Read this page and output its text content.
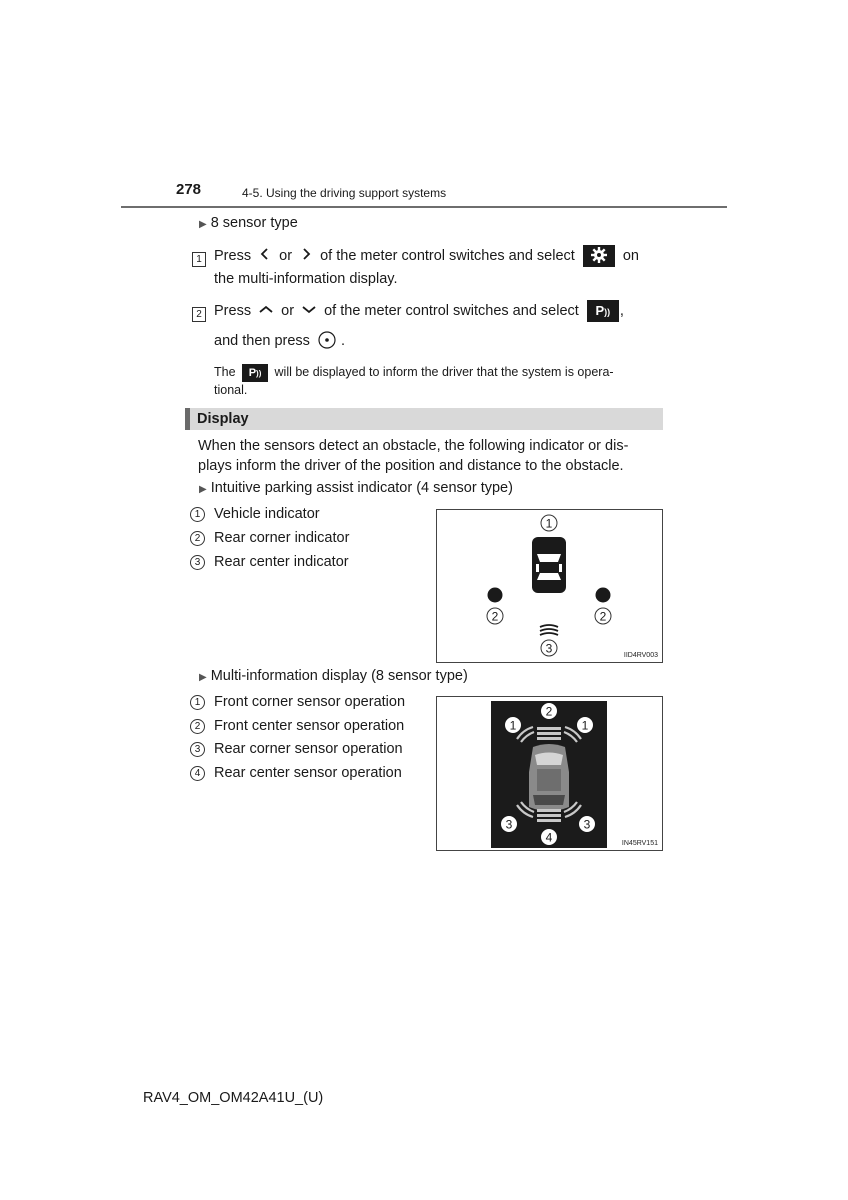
278	4-5. Using the driving support systems
▶ 8 sensor type
1 Press or of the meter control switches and select	on
the multi-information display.
2 Press or of the meter control switches and select P)) ,
and then press .
The P)) will be displayed to inform the driver that the system is opera-
tional.
Display
When the sensors detect an obstacle, the following indicator or dis-
plays inform the driver of the position and distance to the obstacle.
▶ Intuitive parking assist indicator (4 sensor type)
1 Vehicle indicator
2 Rear corner indicator
3 Rear center indicator
1
2	2
3	IID4RV003
▶ Multi-information display (8 sensor type)
1 Front corner sensor operation
2 Front center sensor operation
3 Rear corner sensor operation
4 Rear center sensor operation
2
1	1
3	3
4	IN45RV151
RAV4_OM_OM42A41U_(U)
